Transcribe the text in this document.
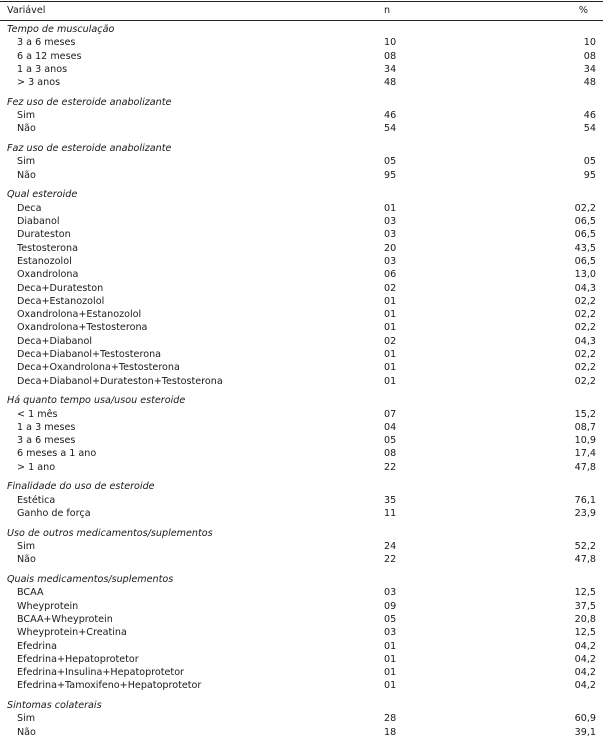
Variável	n	%
Tempo de musculação
3 a 6 meses	10	10
6 a 12 meses	08	08
1 a 3 anos	34	34
> 3 anos	48	48
Fez uso de esteroide anabolizante
Sim	46	46
Não	54	54
Faz uso de esteroide anabolizante
Sim	05	05
Não	95	95
Qual esteroide
Deca	01	02,2
Diabanol	03	06,5
Durateston	03	06,5
Testosterona	20	43,5
Estanozolol	03	06,5
Oxandrolona	06	13,0
Deca+Durateston	02	04,3
Deca+Estanozolol	01	02,2
Oxandrolona+Estanozolol	01	02,2
Oxandrolona+Testosterona	01	02,2
Deca+Diabanol	02	04,3
Deca+Diabanol+Testosterona	01	02,2
Deca+Oxandrolona+Testosterona	01	02,2
Deca+Diabanol+Durateston+Testosterona	01	02,2
Há quanto tempo usa/usou esteroide
< 1 mês	07	15,2
1 a 3 meses	04	08,7
3 a 6 meses	05	10,9
6 meses a 1 ano	08	17,4
> 1 ano	22	47,8
Finalidade do uso de esteroide
Estética	35	76,1
Ganho de força	11	23,9
Uso de outros medicamentos/suplementos
Sim	24	52,2
Não	22	47,8
Quais medicamentos/suplementos
BCAA	03	12,5
Wheyprotein	09	37,5
BCAA+Wheyprotein	05	20,8
Wheyprotein+Creatina	03	12,5
Efedrina	01	04,2
Efedrina+Hepatoprotetor	01	04,2
Efedrina+Insulina+Hepatoprotetor	01	04,2
Efedrina+Tamoxifeno+Hepatoprotetor	01	04,2
Sintomas colaterais
Sim	28	60,9
Não	18	39,1
